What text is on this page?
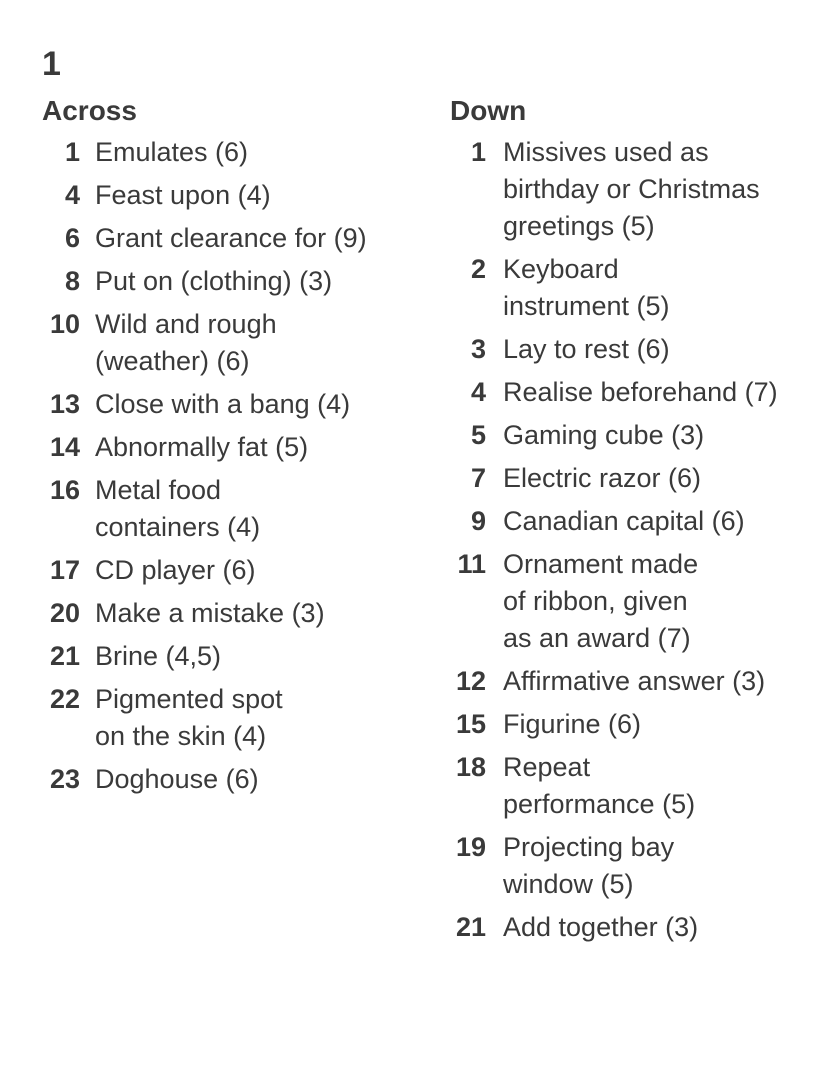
1
Across
1 Emulates (6)
4 Feast upon (4)
6 Grant clearance for (9)
8 Put on (clothing) (3)
10 Wild and rough
(weather) (6)
13 Close with a bang (4)
14 Abnormally fat (5)
16 Metal food
containers (4)
17 CD player (6)
20 Make a mistake (3)
21 Brine (4,5)
22 Pigmented spot
on the skin (4)
23 Doghouse (6)
Down
1 Missives used as
birthday or Christmas
greetings (5)
2 Keyboard
instrument (5)
3 Lay to rest (6)
4 Realise beforehand (7)
5 Gaming cube (3)
7 Electric razor (6)
9 Canadian capital (6)
11 Ornament made
of ribbon, given
as an award (7)
12 Affirmative answer (3)
15 Figurine (6)
18 Repeat
performance (5)
19 Projecting bay
window (5)
21 Add together (3)
